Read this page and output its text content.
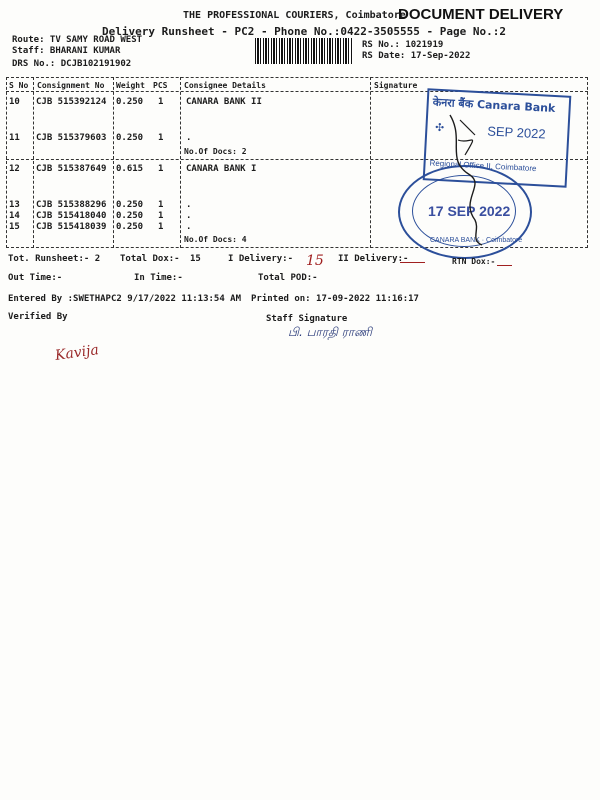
THE PROFESSIONAL COURIERS, Coimbatore
DOCUMENT DELIVERY
Delivery Runsheet - PC2 - Phone No.:0422-3505555 - Page No.:2
Route: TV SAMY ROAD WEST
Staff: BHARANI KUMAR
DRS No.: DCJB102191902
RS No.: 1021919
RS Date: 17-Sep-2022
S No Consignment No Weight PCS Consignee Details	Signature
10 CJB 515392124 0.250 1	CANARA BANK II
11 CJB 515379603 0.250 1	.
No.Of Docs: 2
12 CJB 515387649 0.615 1	CANARA BANK I
13 CJB 515388296 0.250 1	.
14 CJB 515418040 0.250 1	.
15 CJB 515418039 0.250 1	.
No.Of Docs: 4
केनरा बैंक Canara Bank
✣	SEP 2022
Regional Office II, Coimbatore
17 SEP 2022
CANARA BANK · Coimbatore
Tot. Runsheet:- 2 Total Dox:- 15	I Delivery:- 15 II Delivery:-	RTN Dox:-
Out Time:-	In Time:-	Total POD:-
Entered By :SWETHAPC2 9/17/2022 11:13:54 AM Printed on: 17-09-2022 11:16:17
Verified By	Staff Signature
Kavija
பி. பாரதி ராணி
